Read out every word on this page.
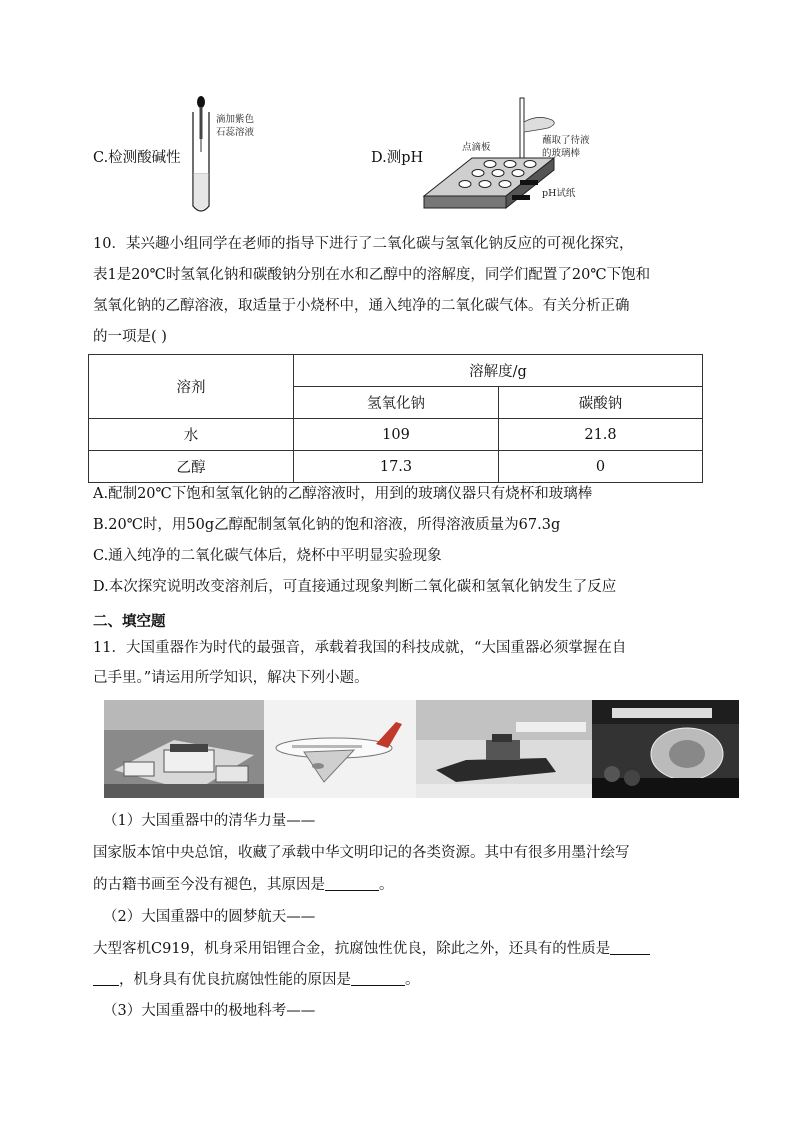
C.检测酸碱性
滴加紫色
石蕊溶液
D.测pH
点滴板
蘸取了待液
的玻璃棒
pH试纸
10．某兴趣小组同学在老师的指导下进行了二氧化碳与氢氧化钠反应的可视化探究，
表1是20℃时氢氧化钠和碳酸钠分别在水和乙醇中的溶解度，同学们配置了20℃下饱和
氢氧化钠的乙醇溶液，取适量于小烧杯中，通入纯净的二氧化碳气体。有关分析正确
的一项是( )
溶剂	溶解度/g	
	氢氧化钠	碳酸钠
水	109	21.8
乙醇	17.3	0
A.配制20℃下饱和氢氧化钠的乙醇溶液时，用到的玻璃仪器只有烧杯和玻璃棒
B.20℃时，用50g乙醇配制氢氧化钠的饱和溶液，所得溶液质量为67.3g
C.通入纯净的二氧化碳气体后，烧杯中平明显实验现象
D.本次探究说明改变溶剂后，可直接通过现象判断二氧化碳和氢氧化钠发生了反应
二、填空题
11．大国重器作为时代的最强音，承载着我国的科技成就，“大国重器必须掌握在自
己手里。”请运用所学知识，解决下列小题。
（1）大国重器中的清华力量——
国家版本馆中央总馆，收藏了承载中华文明印记的各类资源。其中有很多用墨汁绘写
的古籍书画至今没有褪色，其原因是	。
（2）大国重器中的圆梦航天——
大型客机C919，机身采用铝锂合金，抗腐蚀性优良，除此之外，还具有的性质是
，机身具有优良抗腐蚀性能的原因是	。
（3）大国重器中的极地科考——
